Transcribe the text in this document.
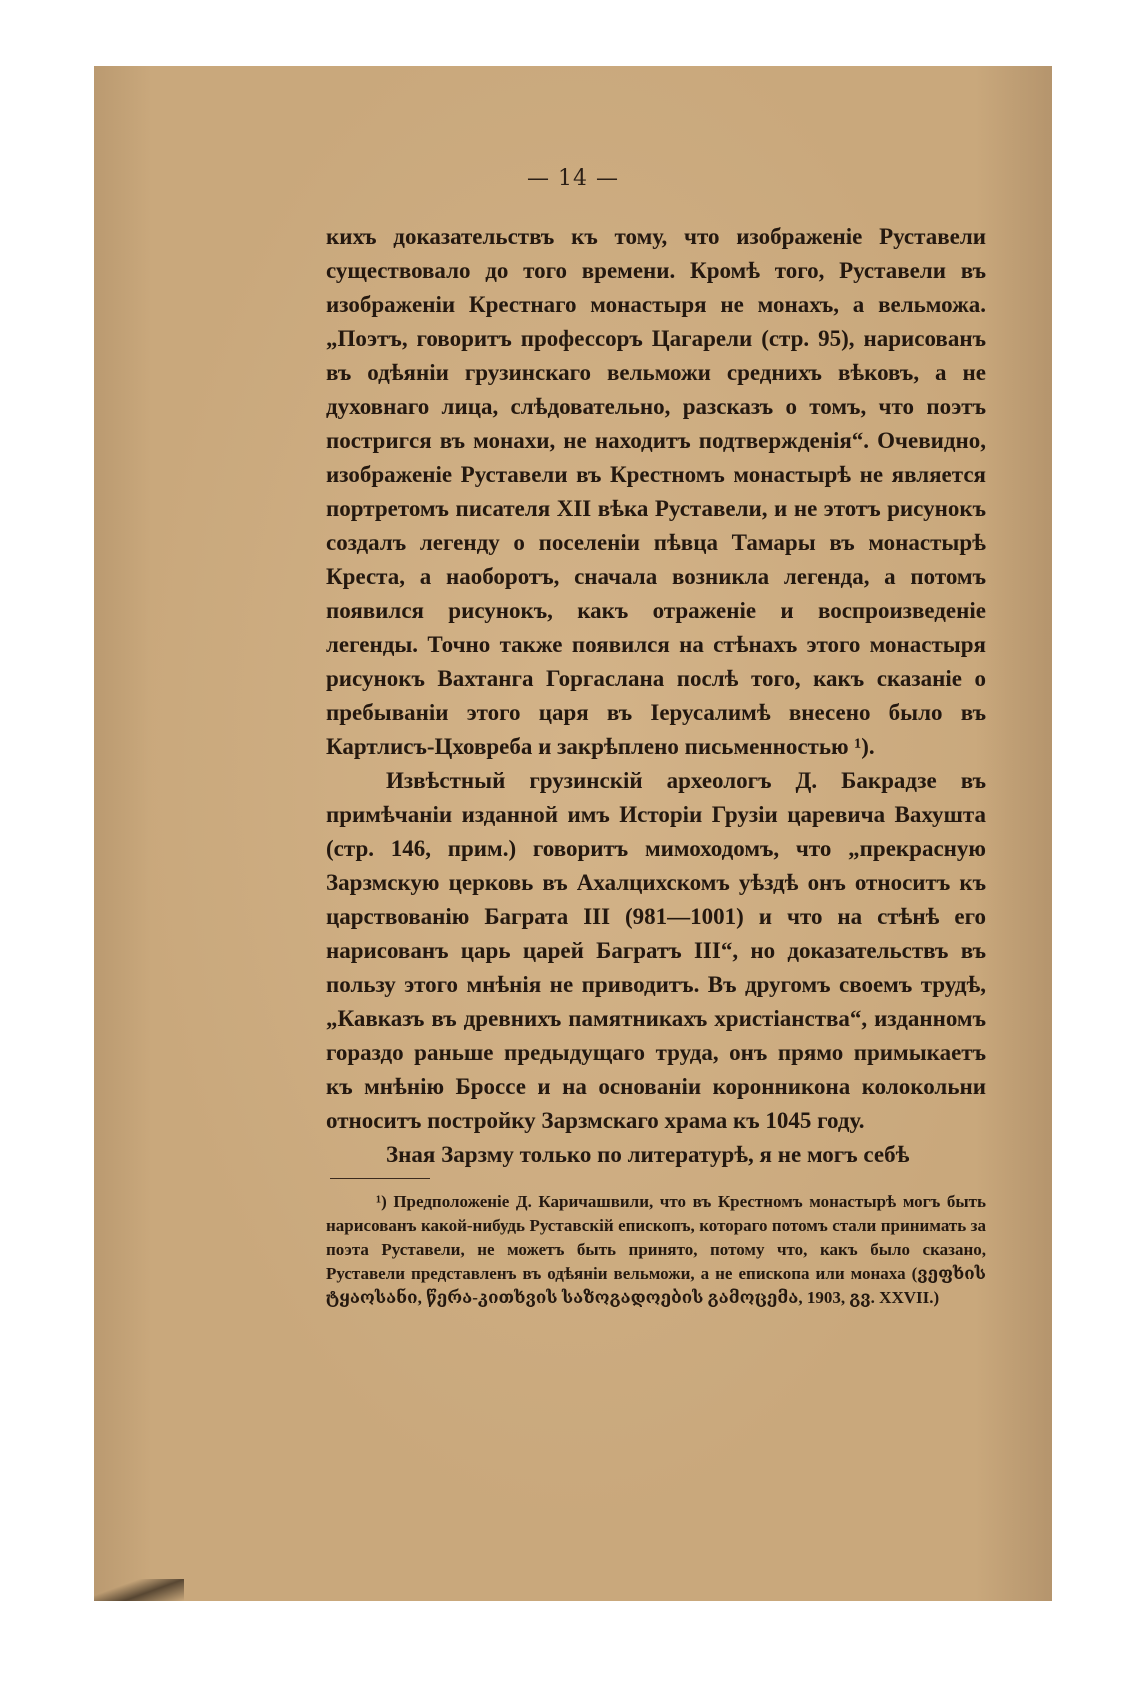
— 14 —

кихъ доказательствъ къ тому, что изображеніе Руставели существовало до того времени. Кромѣ того, Руставели въ изображеніи Крестнаго монастыря не монахъ, а вельможа. „Поэтъ, говоритъ профессоръ Цагарели (стр. 95), нарисованъ въ одѣяніи грузинскаго вельможи среднихъ вѣковъ, а не духовнаго лица, слѣдовательно, разсказъ о томъ, что поэтъ постригся въ монахи, не находитъ подтвержденія“. Очевидно, изображеніе Руставели въ Крестномъ монастырѣ не является портретомъ писателя XII вѣка Руставели, и не этотъ рисунокъ создалъ легенду о поселеніи пѣвца Тамары въ монастырѣ Креста, а наоборотъ, сначала возникла легенда, а потомъ появился рисунокъ, какъ отраженіе и воспроизведеніе легенды. Точно также появился на стѣнахъ этого монастыря рисунокъ Вахтанга Горгаслана послѣ того, какъ сказаніе о пребываніи этого царя въ Іерусалимѣ внесено было въ Картлисъ-Цховреба и закрѣплено письменностью ¹).

Извѣстный грузинскій археологъ Д. Бакрадзе въ примѣчаніи изданной имъ Исторіи Грузіи царевича Вахушта (стр. 146, прим.) говоритъ мимоходомъ, что „прекрасную Зарзмскую церковь въ Ахалцихскомъ уѣздѣ онъ относитъ къ царствованію Баграта III (981—1001) и что на стѣнѣ его нарисованъ царь царей Багратъ III“, но доказательствъ въ пользу этого мнѣнія не приводитъ. Въ другомъ своемъ трудѣ, „Кавказъ въ древнихъ памятникахъ христіанства“, изданномъ гораздо раньше предыдущаго труда, онъ прямо примыкаетъ къ мнѣнію Броссе и на основаніи коронникона колокольни относитъ постройку Зарзмскаго храма къ 1045 году.

Зная Зарзму только по литературѣ, я не могъ себѣ

¹) Предположеніе Д. Каричашвили, что въ Крестномъ монастырѣ могъ быть нарисованъ какой-нибудь Руставскій епископъ, котораго потомъ стали принимать за поэта Руставели, не можетъ быть принято, потому что, какъ было сказано, Руставели представленъ въ одѣяніи вельможи, а не епископа или монаха (ვეფხის ტყაოსანი, წერა-კითხვის საზოგადოების გამოცემა, 1903, გვ. XXVII.)
